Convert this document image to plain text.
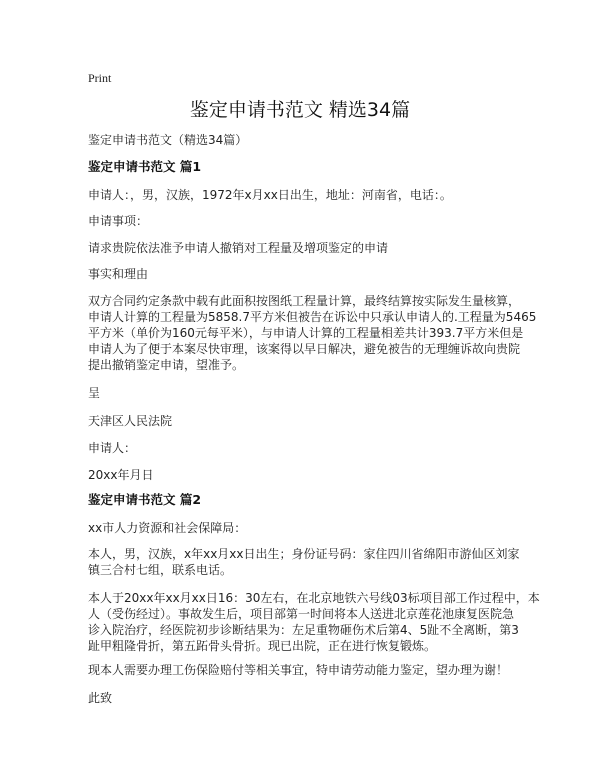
Print
鉴定申请书范文 精选34篇
鉴定申请书范文（精选34篇）
鉴定申请书范文 篇1
申请人：，男，汉族，1972年x月xx日出生，地址：河南省，电话：。
申请事项：
请求贵院依法准予申请人撤销对工程量及增项鉴定的申请
事实和理由
双方合同约定条款中载有此面积按图纸工程量计算，最终结算按实际发生量核算，
申请人计算的工程量为5858.7平方米但被告在诉讼中只承认申请人的.工程量为5465
平方米（单价为160元每平米），与申请人计算的工程量相差共计393.7平方米但是
申请人为了便于本案尽快审理，该案得以早日解决，避免被告的无理缠诉故向贵院
提出撤销鉴定申请，望准予。
呈
天津区人民法院
申请人：
20xx年月日
鉴定申请书范文 篇2
xx市人力资源和社会保障局：
本人，男，汉族，x年xx月xx日出生；身份证号码：家住四川省绵阳市游仙区刘家
镇三合村七组，联系电话。
本人于20xx年xx月xx日16：30左右，在北京地铁六号线03标项目部工作过程中，本
人（受伤经过）。事故发生后，项目部第一时间将本人送进北京莲花池康复医院急
诊入院治疗，经医院初步诊断结果为：左足重物砸伤术后第4、5趾不全离断，第3
趾甲粗隆骨折，第五跖骨头骨折。现已出院，正在进行恢复锻炼。
现本人需要办理工伤保险赔付等相关事宜，特申请劳动能力鉴定，望办理为谢！
此致
